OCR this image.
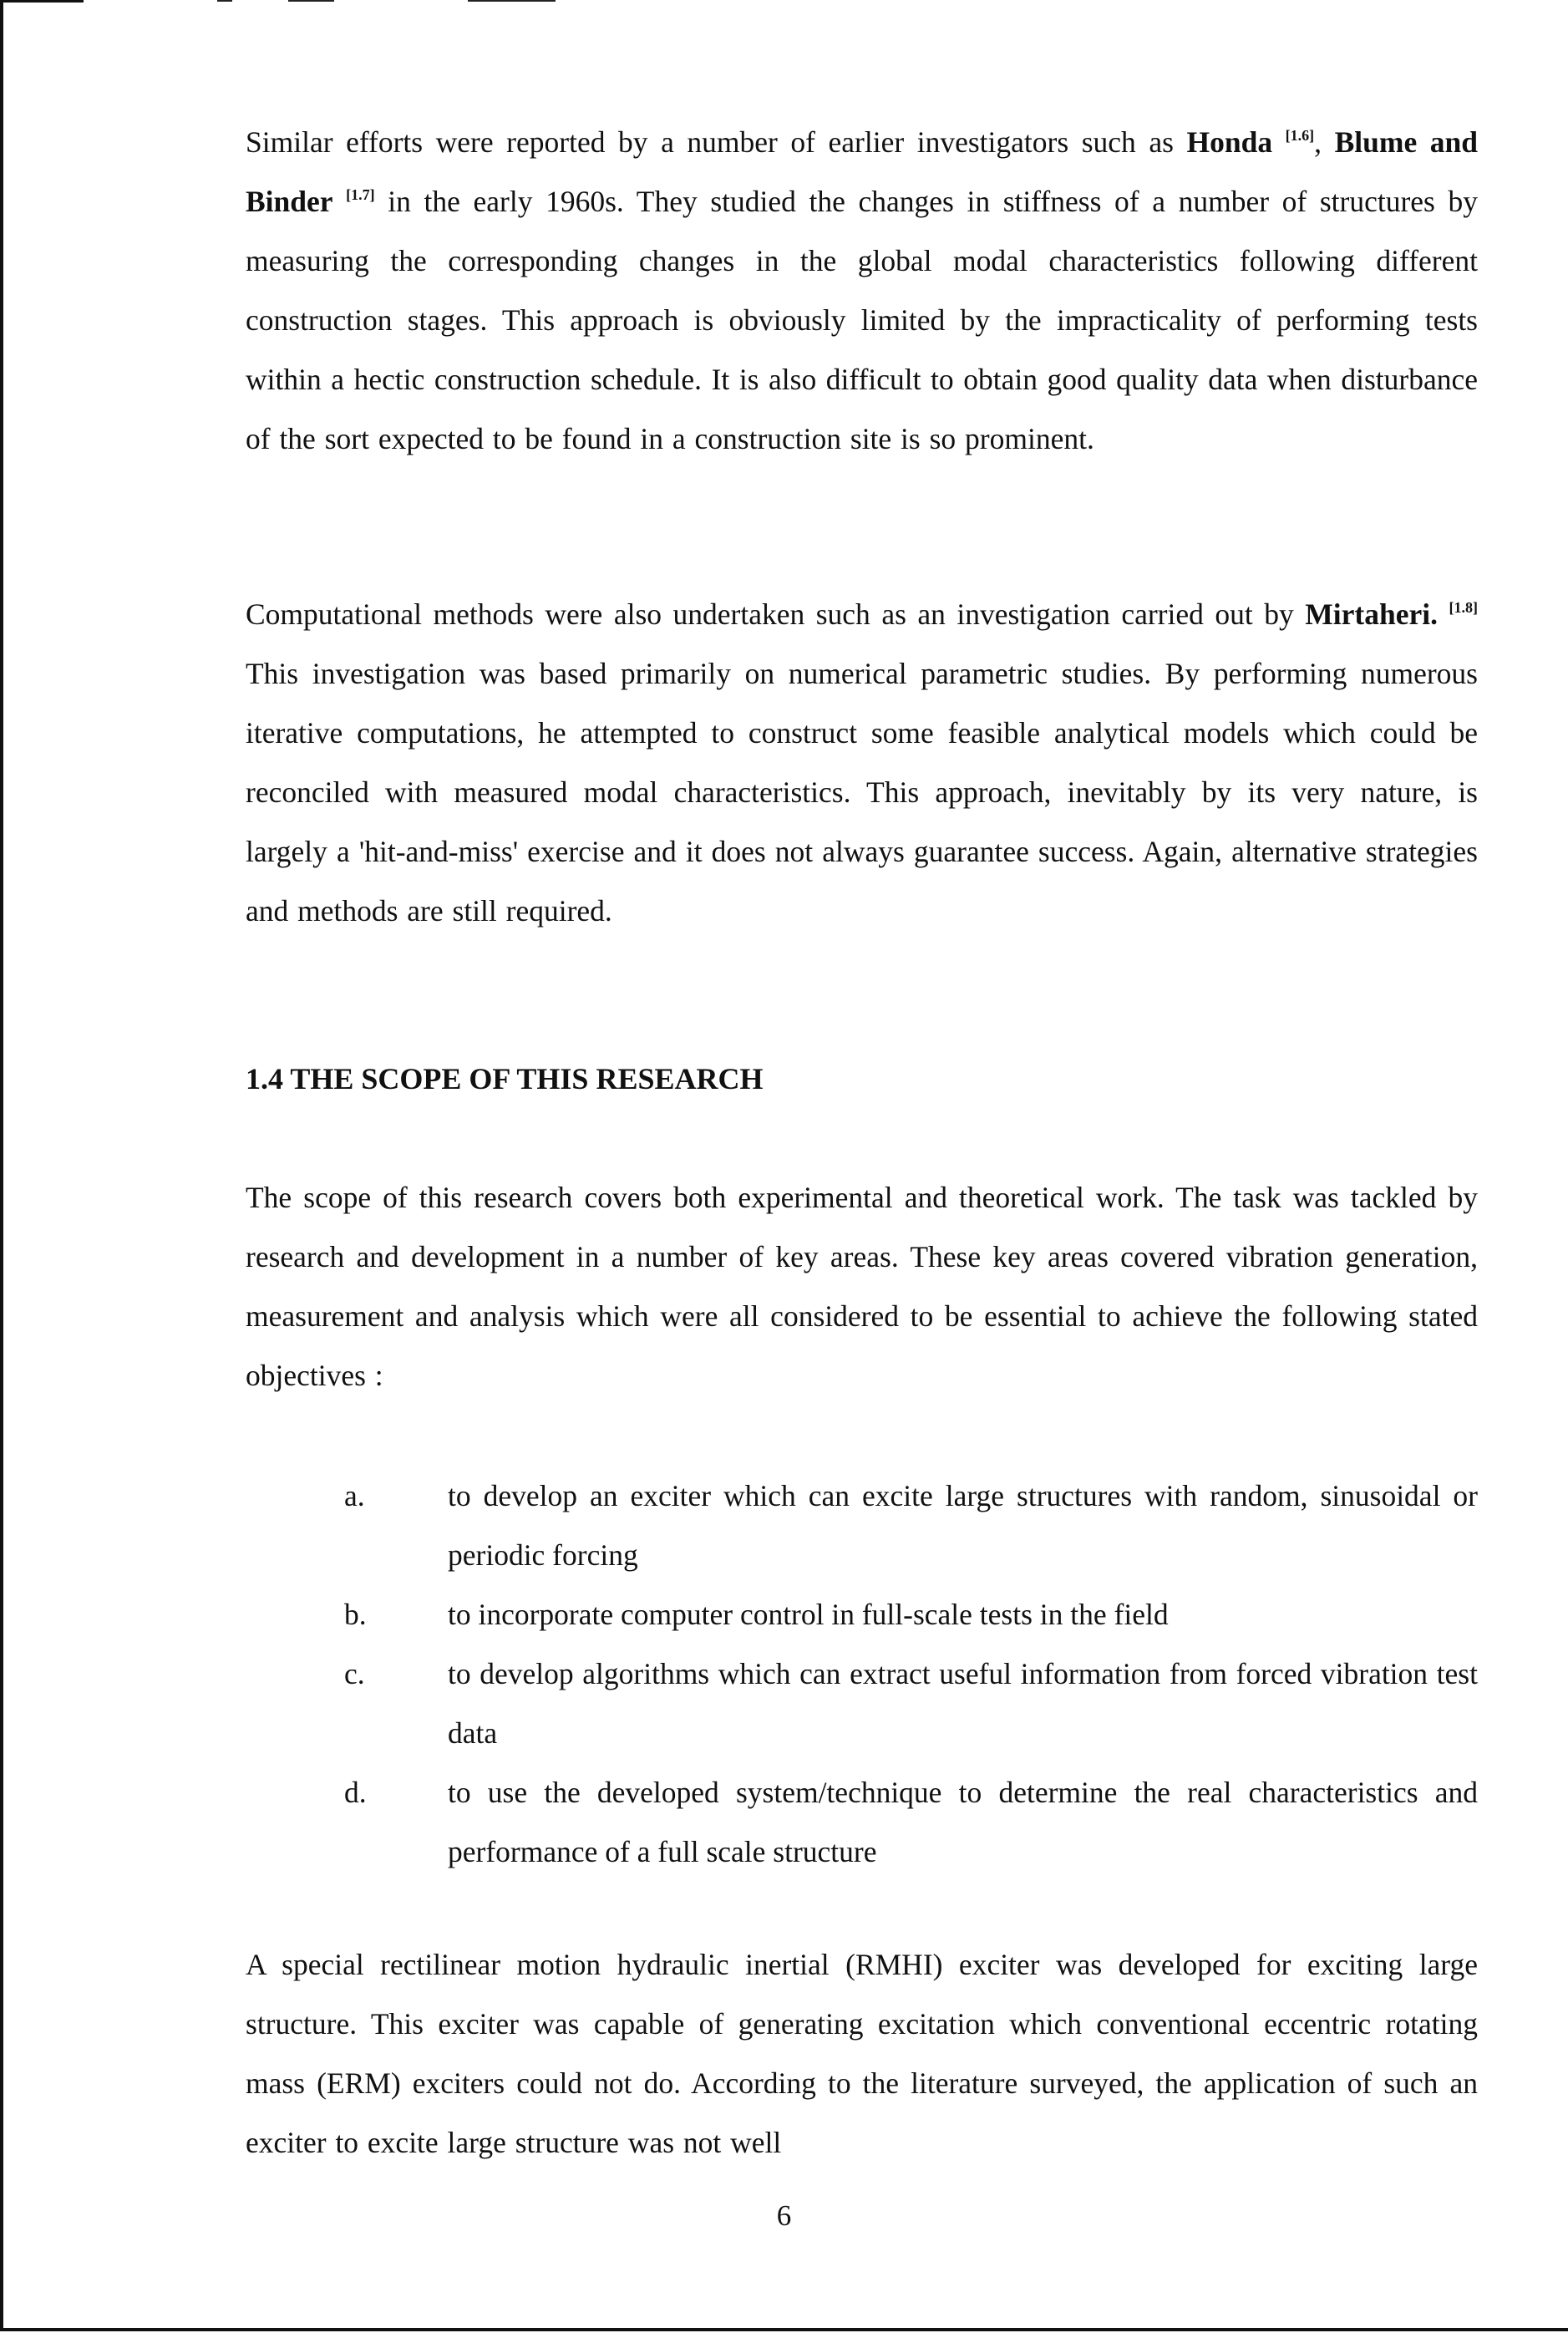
Similar efforts were reported by a number of earlier investigators such as Honda [1.6], Blume and Binder [1.7] in the early 1960s. They studied the changes in stiffness of a number of structures by measuring the corresponding changes in the global modal characteristics following different construction stages. This approach is obviously limited by the impracticality of performing tests within a hectic construction schedule. It is also difficult to obtain good quality data when disturbance of the sort expected to be found in a construction site is so prominent.

Computational methods were also undertaken such as an investigation carried out by Mirtaheri. [1.8] This investigation was based primarily on numerical parametric studies. By performing numerous iterative computations, he attempted to construct some feasible analytical models which could be reconciled with measured modal characteristics. This approach, inevitably by its very nature, is largely a 'hit-and-miss' exercise and it does not always guarantee success. Again, alternative strategies and methods are still required.

1.4 THE SCOPE OF THIS RESEARCH

The scope of this research covers both experimental and theoretical work. The task was tackled by research and development in a number of key areas. These key areas covered vibration generation, measurement and analysis which were all considered to be essential to achieve the following stated objectives :

a.	to develop an exciter which can excite large structures with random, sinusoidal or periodic forcing
b.	to incorporate computer control in full-scale tests in the field
c.	to develop algorithms which can extract useful information from forced vibration test data
d.	to use the developed system/technique to determine the real characteristics and performance of a full scale structure

A special rectilinear motion hydraulic inertial (RMHI) exciter was developed for exciting large structure. This exciter was capable of generating excitation which conventional eccentric rotating mass (ERM) exciters could not do. According to the literature surveyed, the application of such an exciter to excite large structure was not well

6
